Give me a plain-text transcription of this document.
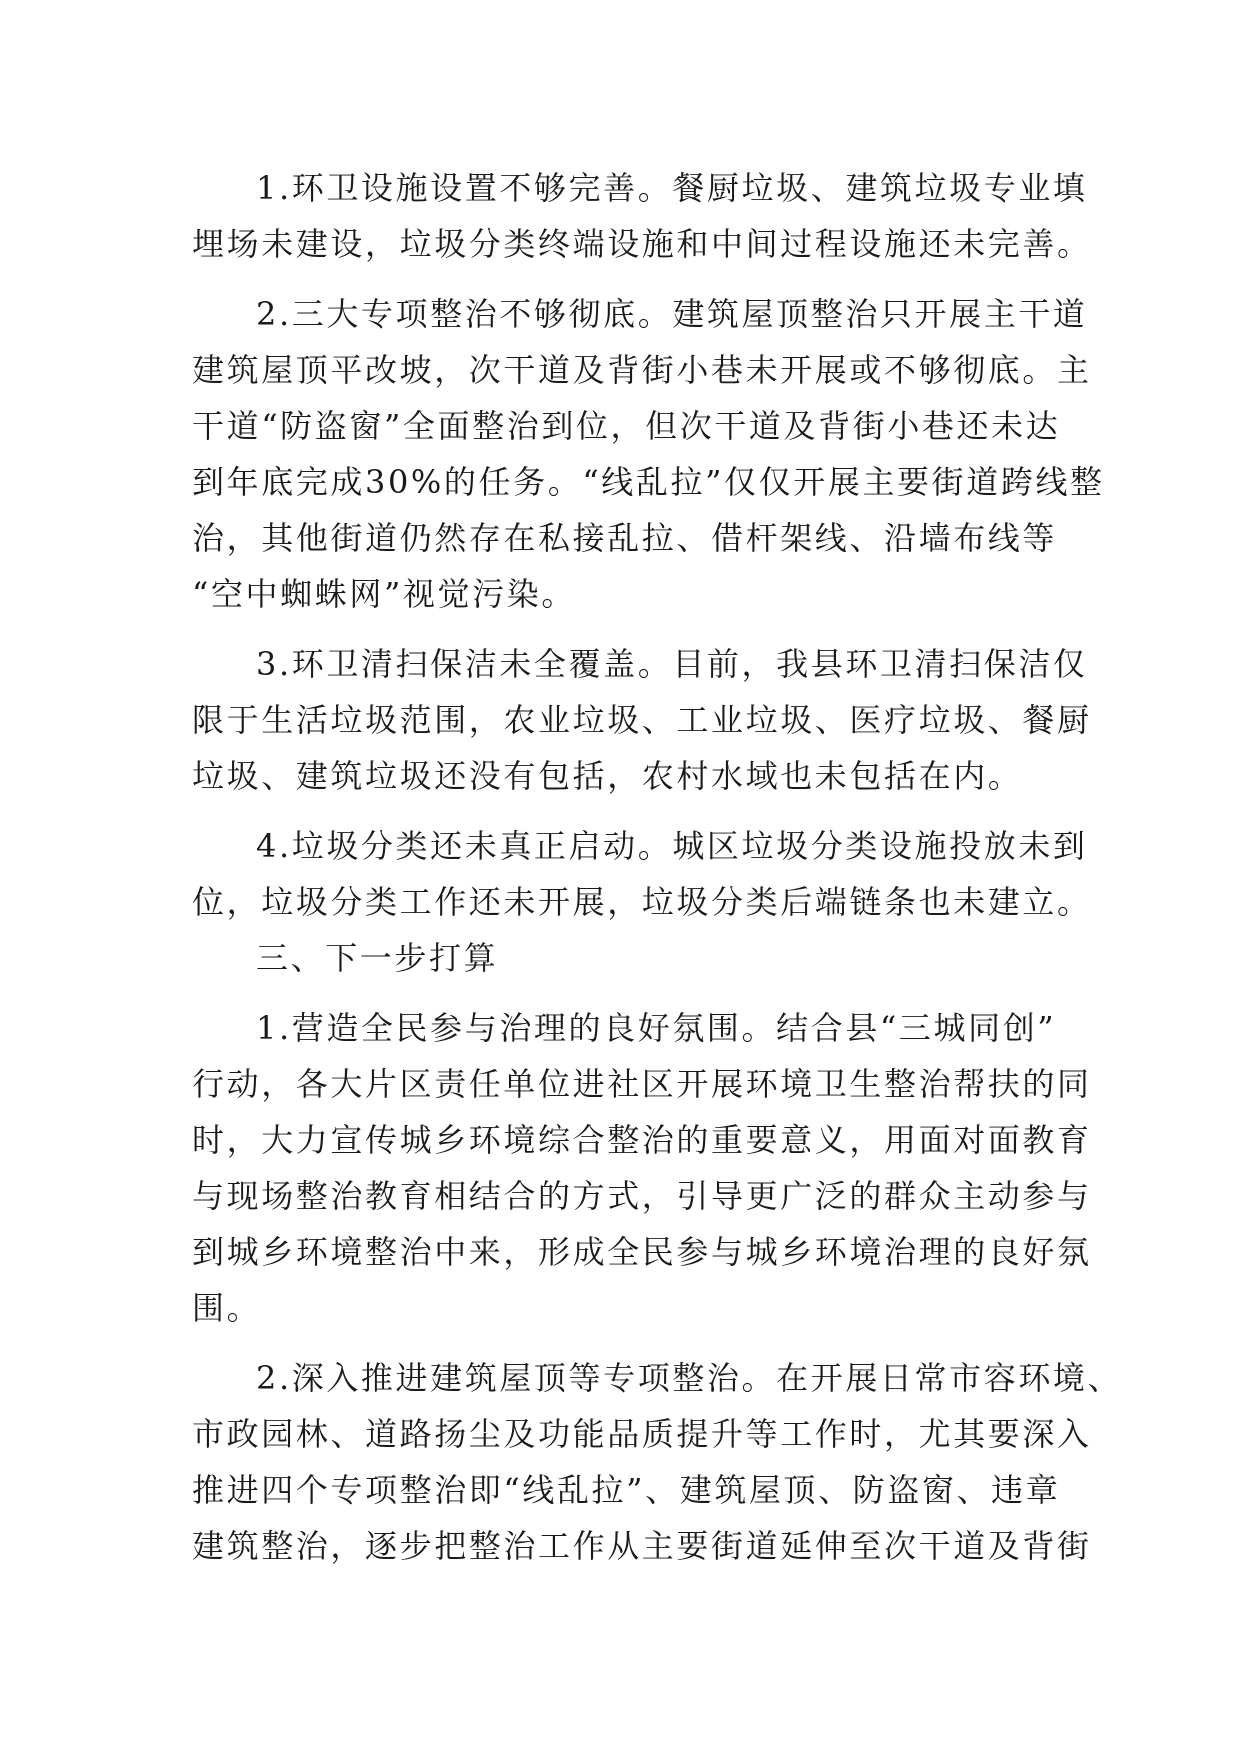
1.环卫设施设置不够完善。餐厨垃圾、建筑垃圾专业填
埋场未建设，垃圾分类终端设施和中间过程设施还未完善。
2.三大专项整治不够彻底。建筑屋顶整治只开展主干道
建筑屋顶平改坡，次干道及背街小巷未开展或不够彻底。主
干道“防盗窗”全面整治到位，但次干道及背街小巷还未达
到年底完成30%的任务。“线乱拉”仅仅开展主要街道跨线整
治，其他街道仍然存在私接乱拉、借杆架线、沿墙布线等
“空中蜘蛛网”视觉污染。
3.环卫清扫保洁未全覆盖。目前，我县环卫清扫保洁仅
限于生活垃圾范围，农业垃圾、工业垃圾、医疗垃圾、餐厨
垃圾、建筑垃圾还没有包括，农村水域也未包括在内。
4.垃圾分类还未真正启动。城区垃圾分类设施投放未到
位，垃圾分类工作还未开展，垃圾分类后端链条也未建立。
三、下一步打算
1.营造全民参与治理的良好氛围。结合县“三城同创”
行动，各大片区责任单位进社区开展环境卫生整治帮扶的同
时，大力宣传城乡环境综合整治的重要意义，用面对面教育
与现场整治教育相结合的方式，引导更广泛的群众主动参与
到城乡环境整治中来，形成全民参与城乡环境治理的良好氛
围。
2.深入推进建筑屋顶等专项整治。在开展日常市容环境、
市政园林、道路扬尘及功能品质提升等工作时，尤其要深入
推进四个专项整治即“线乱拉”、建筑屋顶、防盗窗、违章
建筑整治，逐步把整治工作从主要街道延伸至次干道及背街
